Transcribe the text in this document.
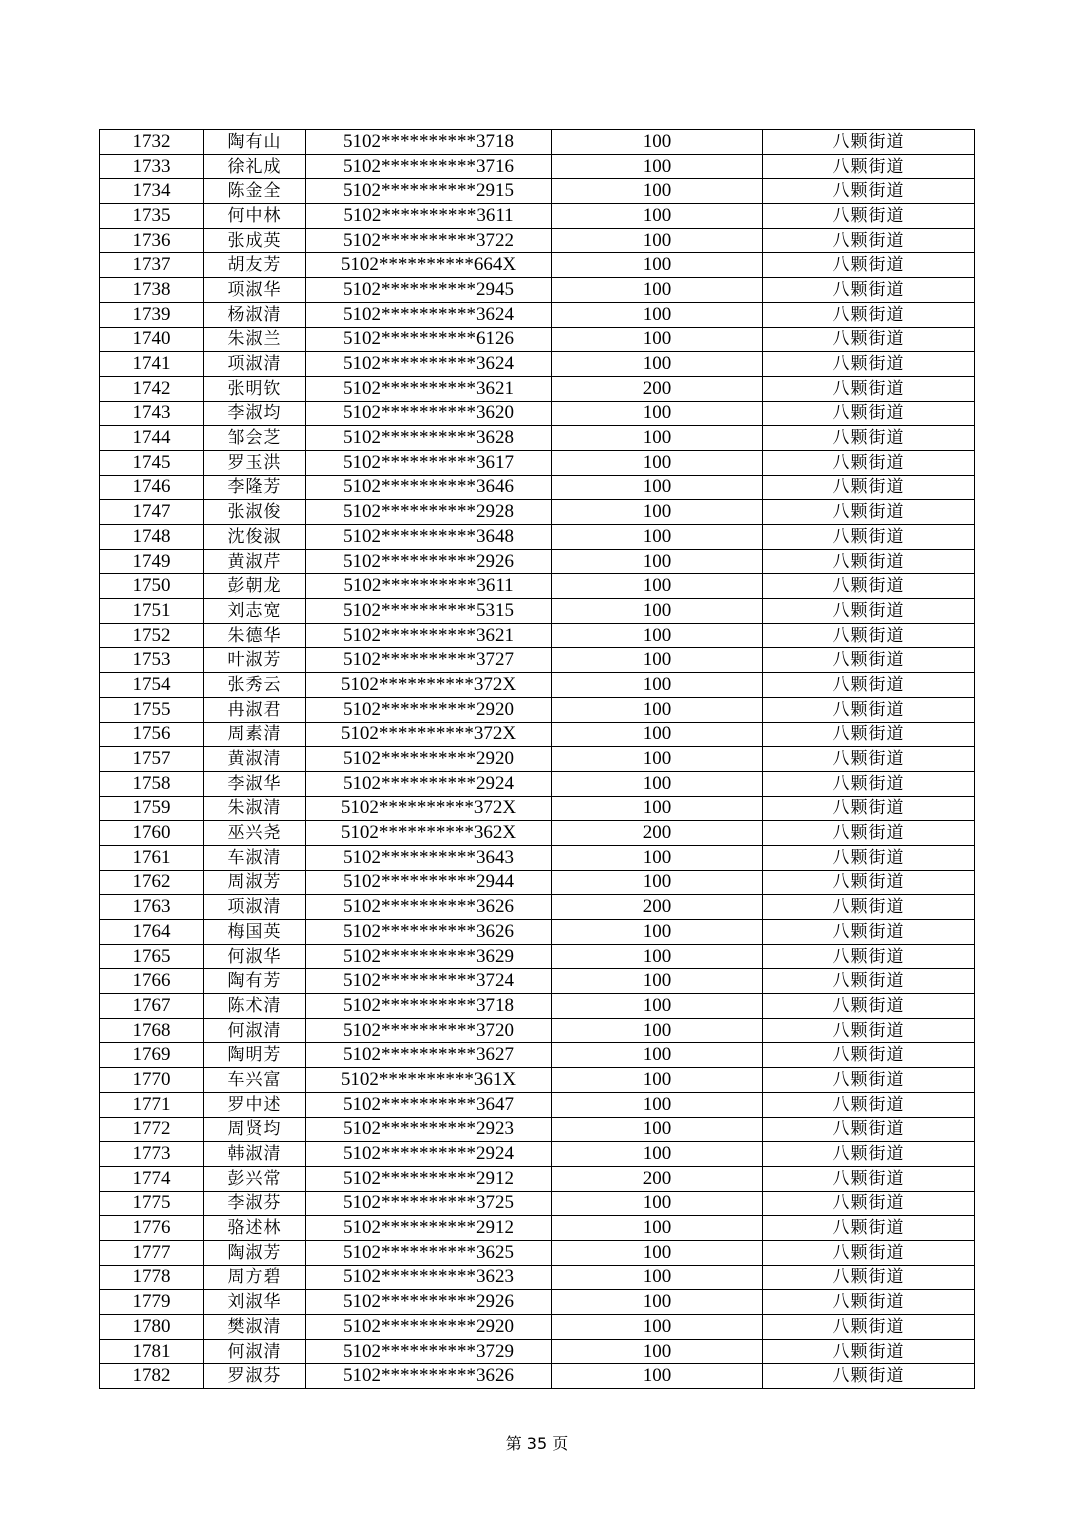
1732	陶有山	5102**********3718	100	八颗街道
1733	徐礼成	5102**********3716	100	八颗街道
1734	陈金全	5102**********2915	100	八颗街道
1735	何中林	5102**********3611	100	八颗街道
1736	张成英	5102**********3722	100	八颗街道
1737	胡友芳	5102**********664X	100	八颗街道
1738	项淑华	5102**********2945	100	八颗街道
1739	杨淑清	5102**********3624	100	八颗街道
1740	朱淑兰	5102**********6126	100	八颗街道
1741	项淑清	5102**********3624	100	八颗街道
1742	张明钦	5102**********3621	200	八颗街道
1743	李淑均	5102**********3620	100	八颗街道
1744	邹会芝	5102**********3628	100	八颗街道
1745	罗玉洪	5102**********3617	100	八颗街道
1746	李隆芳	5102**********3646	100	八颗街道
1747	张淑俊	5102**********2928	100	八颗街道
1748	沈俊淑	5102**********3648	100	八颗街道
1749	黄淑芹	5102**********2926	100	八颗街道
1750	彭朝龙	5102**********3611	100	八颗街道
1751	刘志宽	5102**********5315	100	八颗街道
1752	朱德华	5102**********3621	100	八颗街道
1753	叶淑芳	5102**********3727	100	八颗街道
1754	张秀云	5102**********372X	100	八颗街道
1755	冉淑君	5102**********2920	100	八颗街道
1756	周素清	5102**********372X	100	八颗街道
1757	黄淑清	5102**********2920	100	八颗街道
1758	李淑华	5102**********2924	100	八颗街道
1759	朱淑清	5102**********372X	100	八颗街道
1760	巫兴尧	5102**********362X	200	八颗街道
1761	车淑清	5102**********3643	100	八颗街道
1762	周淑芳	5102**********2944	100	八颗街道
1763	项淑清	5102**********3626	200	八颗街道
1764	梅国英	5102**********3626	100	八颗街道
1765	何淑华	5102**********3629	100	八颗街道
1766	陶有芳	5102**********3724	100	八颗街道
1767	陈术清	5102**********3718	100	八颗街道
1768	何淑清	5102**********3720	100	八颗街道
1769	陶明芳	5102**********3627	100	八颗街道
1770	车兴富	5102**********361X	100	八颗街道
1771	罗中述	5102**********3647	100	八颗街道
1772	周贤均	5102**********2923	100	八颗街道
1773	韩淑清	5102**********2924	100	八颗街道
1774	彭兴常	5102**********2912	200	八颗街道
1775	李淑芬	5102**********3725	100	八颗街道
1776	骆述林	5102**********2912	100	八颗街道
1777	陶淑芳	5102**********3625	100	八颗街道
1778	周方碧	5102**********3623	100	八颗街道
1779	刘淑华	5102**********2926	100	八颗街道
1780	樊淑清	5102**********2920	100	八颗街道
1781	何淑清	5102**********3729	100	八颗街道
1782	罗淑芬	5102**********3626	100	八颗街道
第 35 页
